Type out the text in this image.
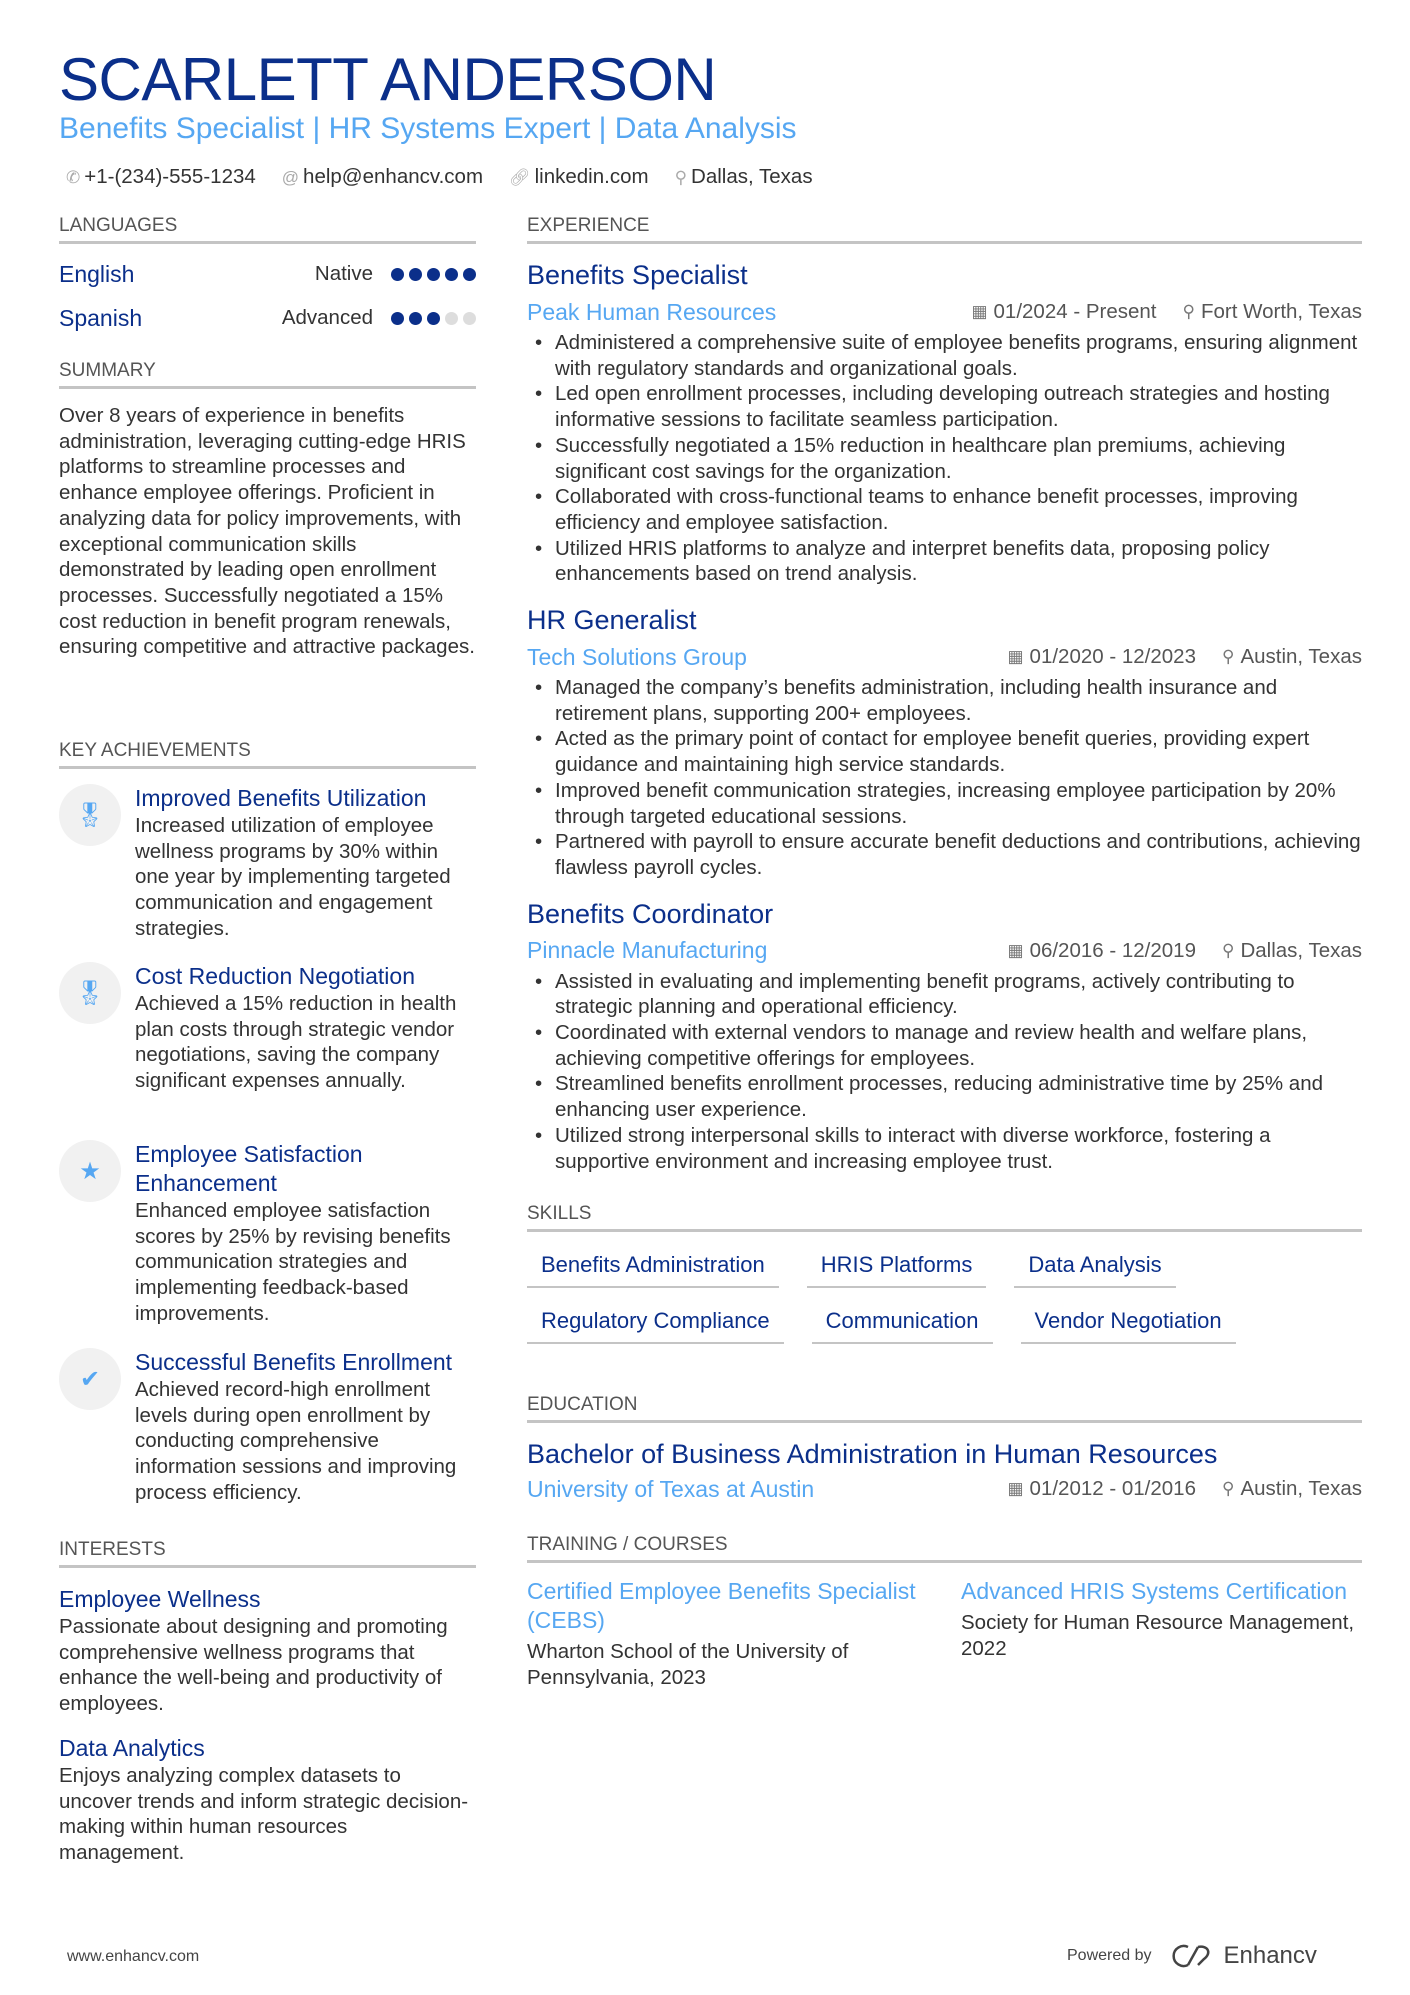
SCARLETT ANDERSON
Benefits Specialist | HR Systems Expert | Data Analysis
✆ +1-(234)-555-1234 @ help@enhancv.com 🔗︎ linkedin.com ⚲ Dallas, Texas
LANGUAGES
English	Native
Spanish	Advanced
SUMMARY
Over 8 years of experience in benefits administration, leveraging cutting-edge HRIS platforms to streamline processes and enhance employee offerings. Proficient in analyzing data for policy improvements, with exceptional communication skills demonstrated by leading open enrollment processes. Successfully negotiated a 15% cost reduction in benefit program renewals, ensuring competitive and attractive packages.
KEY ACHIEVEMENTS
🎖︎
Improved Benefits Utilization
Increased utilization of employee wellness programs by 30% within one year by implementing targeted communication and engagement strategies.
🎖︎
Cost Reduction Negotiation
Achieved a 15% reduction in health plan costs through strategic vendor negotiations, saving the company significant expenses annually.
★
Employee Satisfaction Enhancement
Enhanced employee satisfaction scores by 25% by revising benefits communication strategies and implementing feedback-based improvements.
✔
Successful Benefits Enrollment
Achieved record-high enrollment levels during open enrollment by conducting comprehensive information sessions and improving process efficiency.
INTERESTS
Employee Wellness
Passionate about designing and promoting comprehensive wellness programs that enhance the well-being and productivity of employees.
Data Analytics
Enjoys analyzing complex datasets to uncover trends and inform strategic decision-making within human resources management.
EXPERIENCE
Benefits Specialist
Peak Human Resources	▦ 01/2024 - Present ⚲ Fort Worth, Texas
• Administered a comprehensive suite of employee benefits programs, ensuring alignment with regulatory standards and organizational goals.
• Led open enrollment processes, including developing outreach strategies and hosting informative sessions to facilitate seamless participation.
• Successfully negotiated a 15% reduction in healthcare plan premiums, achieving significant cost savings for the organization.
• Collaborated with cross-functional teams to enhance benefit processes, improving efficiency and employee satisfaction.
• Utilized HRIS platforms to analyze and interpret benefits data, proposing policy enhancements based on trend analysis.
HR Generalist
Tech Solutions Group	▦ 01/2020 - 12/2023 ⚲ Austin, Texas
• Managed the company’s benefits administration, including health insurance and retirement plans, supporting 200+ employees.
• Acted as the primary point of contact for employee benefit queries, providing expert guidance and maintaining high service standards.
• Improved benefit communication strategies, increasing employee participation by 20% through targeted educational sessions.
• Partnered with payroll to ensure accurate benefit deductions and contributions, achieving flawless payroll cycles.
Benefits Coordinator
Pinnacle Manufacturing	▦ 06/2016 - 12/2019 ⚲ Dallas, Texas
• Assisted in evaluating and implementing benefit programs, actively contributing to strategic planning and operational efficiency.
• Coordinated with external vendors to manage and review health and welfare plans, achieving competitive offerings for employees.
• Streamlined benefits enrollment processes, reducing administrative time by 25% and enhancing user experience.
• Utilized strong interpersonal skills to interact with diverse workforce, fostering a supportive environment and increasing employee trust.
SKILLS
Benefits Administration	HRIS Platforms	Data Analysis
Regulatory Compliance	Communication	Vendor Negotiation
EDUCATION
Bachelor of Business Administration in Human Resources
University of Texas at Austin	▦ 01/2012 - 01/2016 ⚲ Austin, Texas
TRAINING / COURSES
Certified Employee Benefits Specialist (CEBS)
Wharton School of the University of Pennsylvania, 2023
Advanced HRIS Systems Certification
Society for Human Resource Management, 2022
www.enhancv.com	Powered by	Enhancv
